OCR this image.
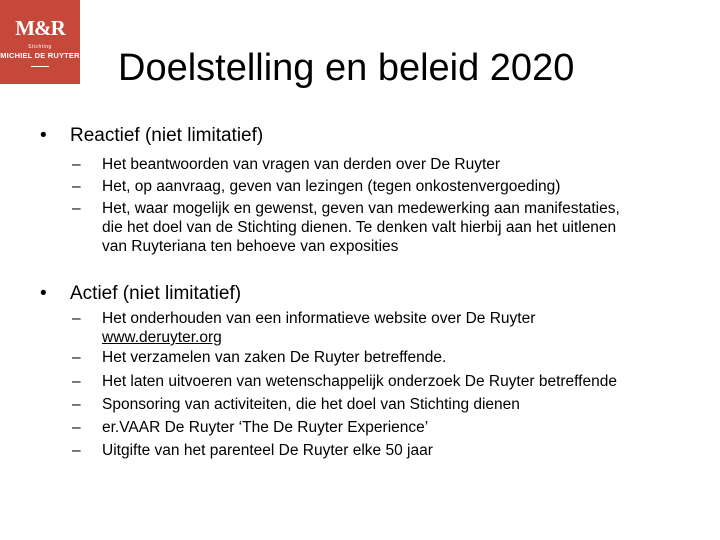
M&R
Stichting
MICHIEL DE RUYTER Doelstelling en beleid 2020
• Reactief (niet limitatief)
– Het beantwoorden van vragen van derden over De Ruyter
– Het, op aanvraag, geven van lezingen (tegen onkostenvergoeding)
– Het, waar mogelijk en gewenst, geven van medewerking aan manifestaties,
die het doel van de Stichting dienen. Te denken valt hierbij aan het uitlenen
van Ruyteriana ten behoeve van exposities
• Actief (niet limitatief)
– Het onderhouden van een informatieve website over De Ruyter
www.deruyter.org
– Het verzamelen van zaken De Ruyter betreffende.
– Het laten uitvoeren van wetenschappelijk onderzoek De Ruyter betreffende
– Sponsoring van activiteiten, die het doel van Stichting dienen
– er.VAAR De Ruyter ‘The De Ruyter Experience’
– Uitgifte van het parenteel De Ruyter elke 50 jaar
